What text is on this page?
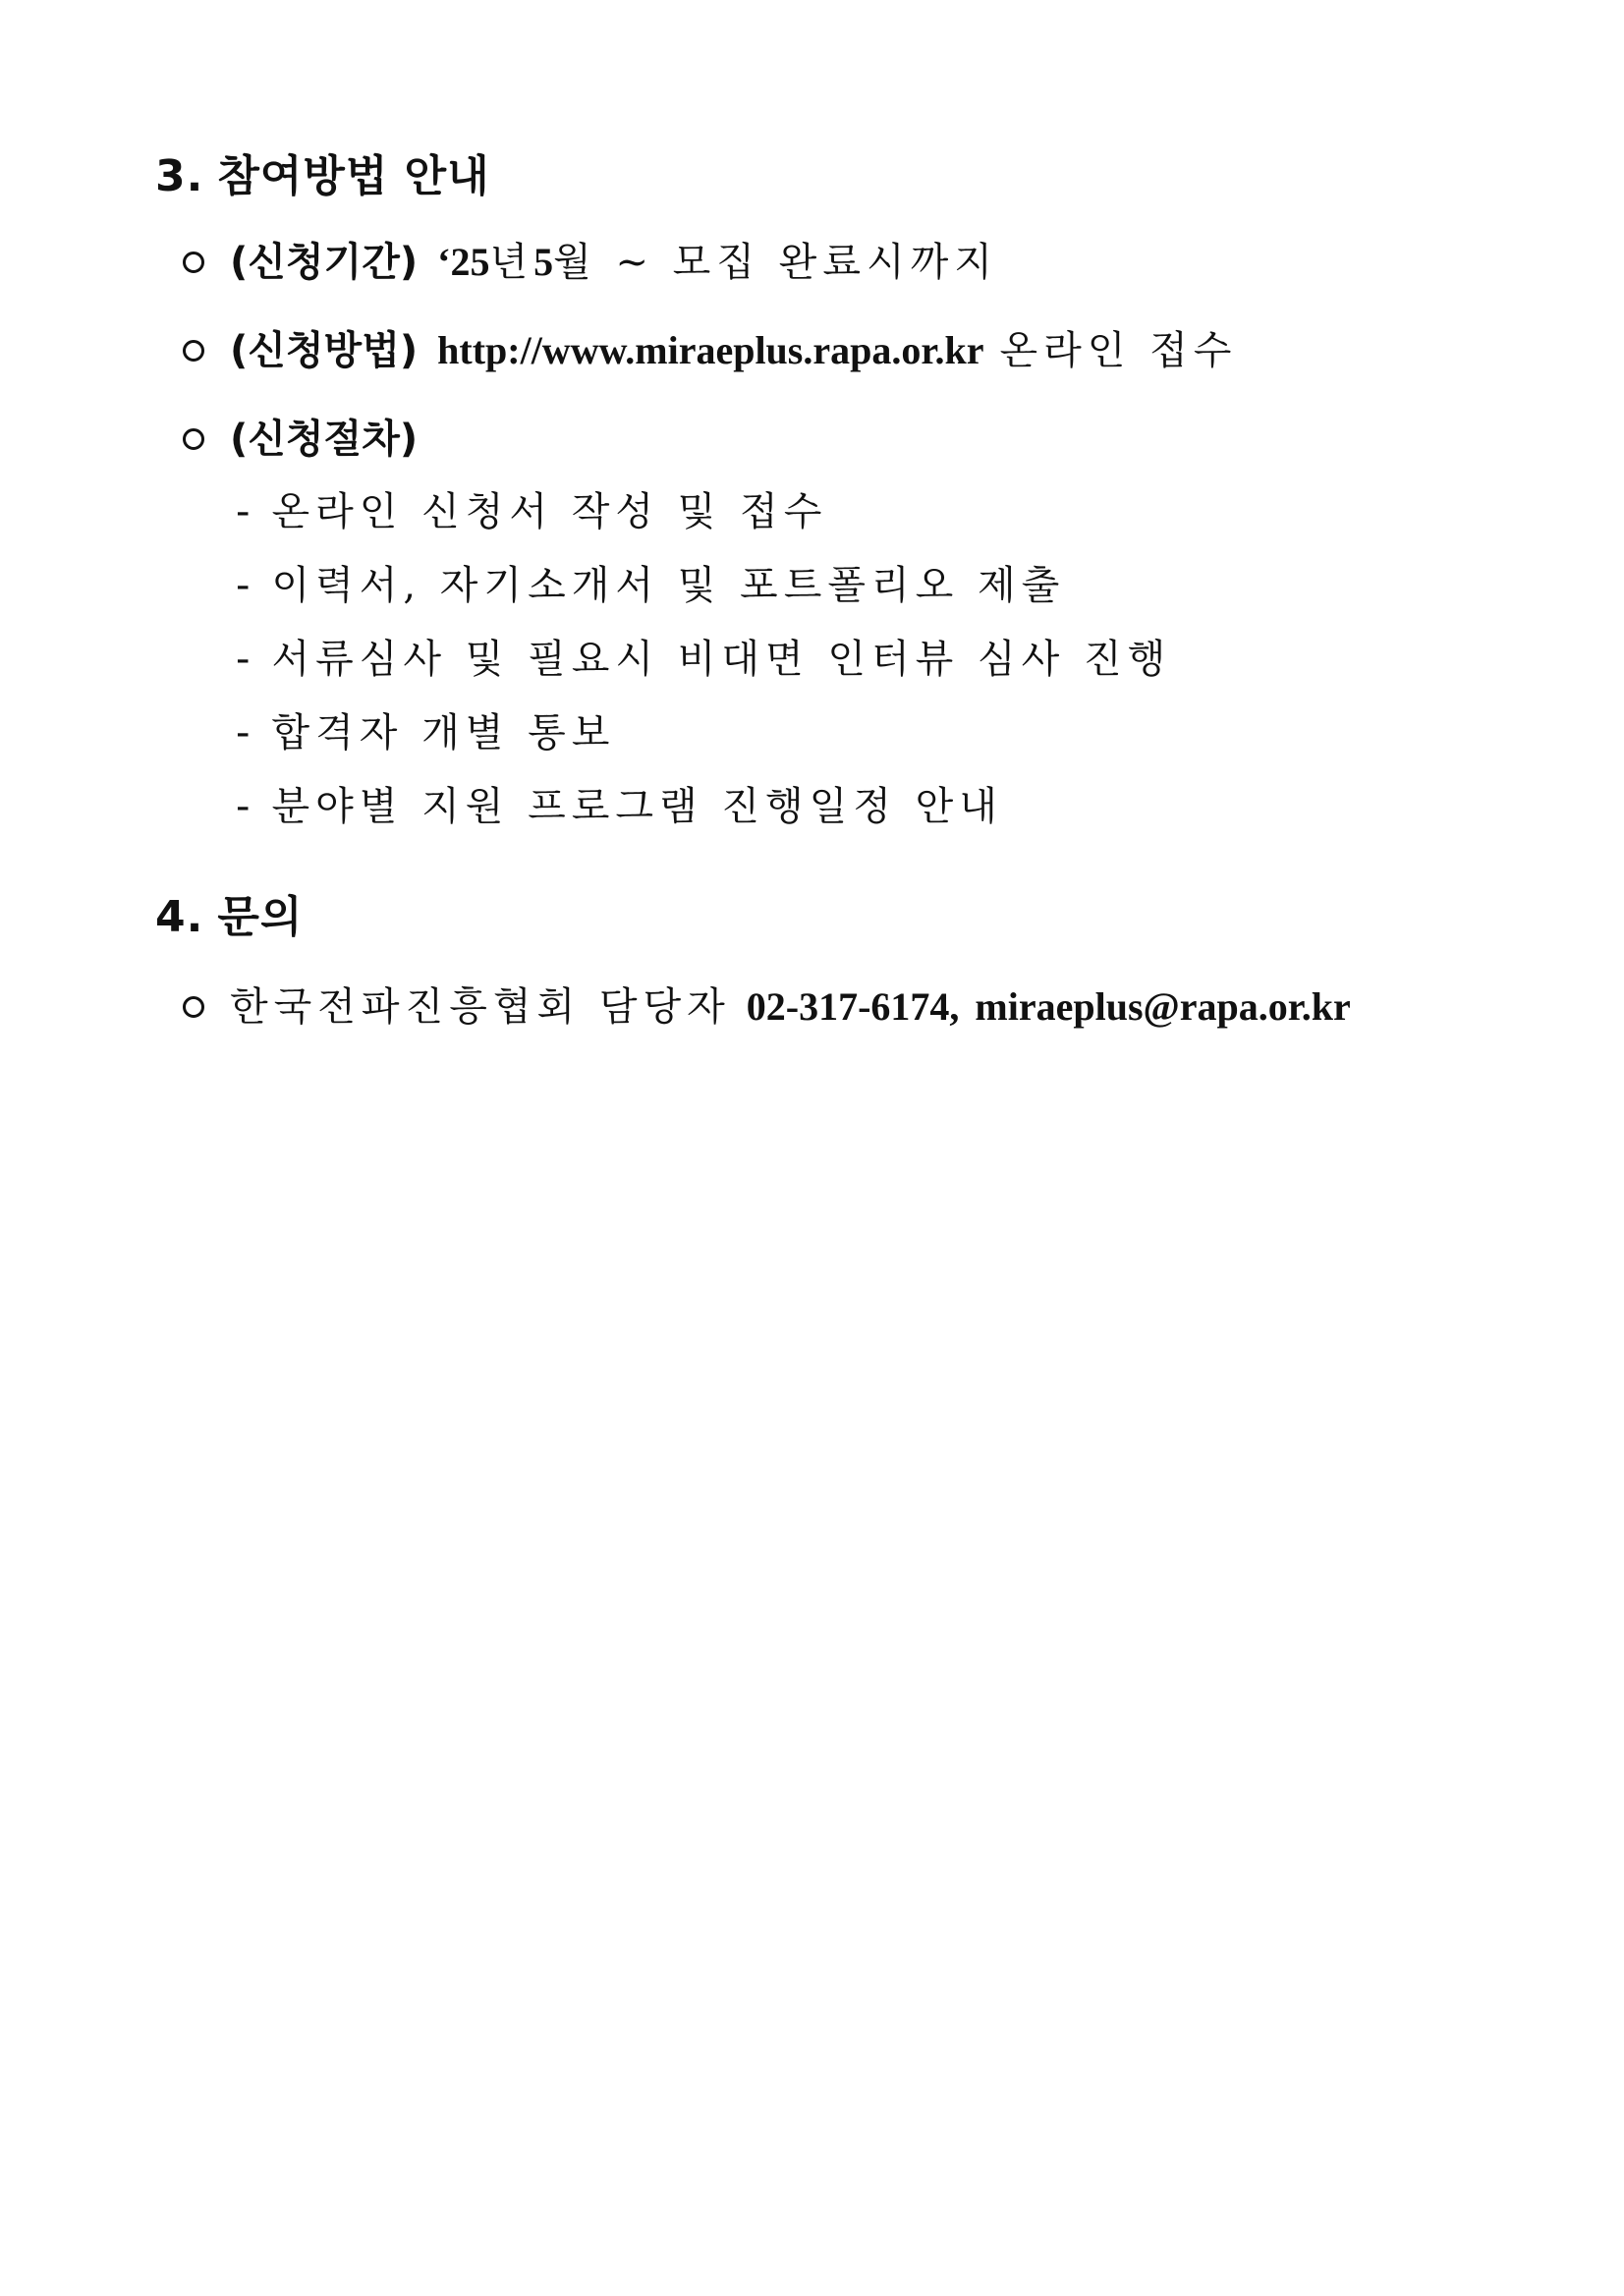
3. 참여방법 안내
(신청기간) ‘25 년 5 월 ~ 모집 완료시까지
(신청방법) http://www.miraeplus.rapa.or.kr 온라인 접수
(신청절차)
- 온라인 신청서 작성 및 접수
- 이력서, 자기소개서 및 포트폴리오 제출
- 서류심사 및 필요시 비대면 인터뷰 심사 진행
- 합격자 개별 통보
- 분야별 지원 프로그램 진행일정 안내
4. 문의
한국전파진흥협회 담당자 02-317-6174, miraeplus@rapa.or.kr
